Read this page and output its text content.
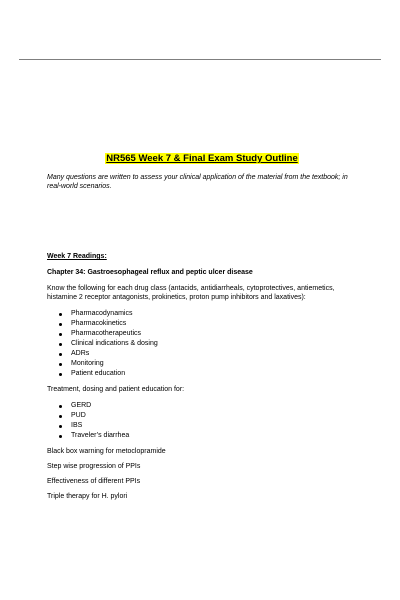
NR565 Week 7 & Final Exam Study Outline

Many questions are written to assess your clinical application of the material from the textbook; in real-world scenarios.

Week 7 Readings:

Chapter 34: Gastroesophageal reflux and peptic ulcer disease

Know the following for each drug class (antacids, antidiarrheals, cytoprotectives, antiemetics, histamine 2 receptor antagonists, prokinetics, proton pump inhibitors and laxatives):

Pharmacodynamics
Pharmacokinetics
Pharmacotherapeutics
Clinical indications & dosing
ADRs
Monitoring
Patient education

Treatment, dosing and patient education for:

GERD
PUD
IBS
Traveler’s diarrhea

Black box warning for metoclopramide

Step wise progression of PPIs

Effectiveness of different PPIs

Triple therapy for H. pylori
